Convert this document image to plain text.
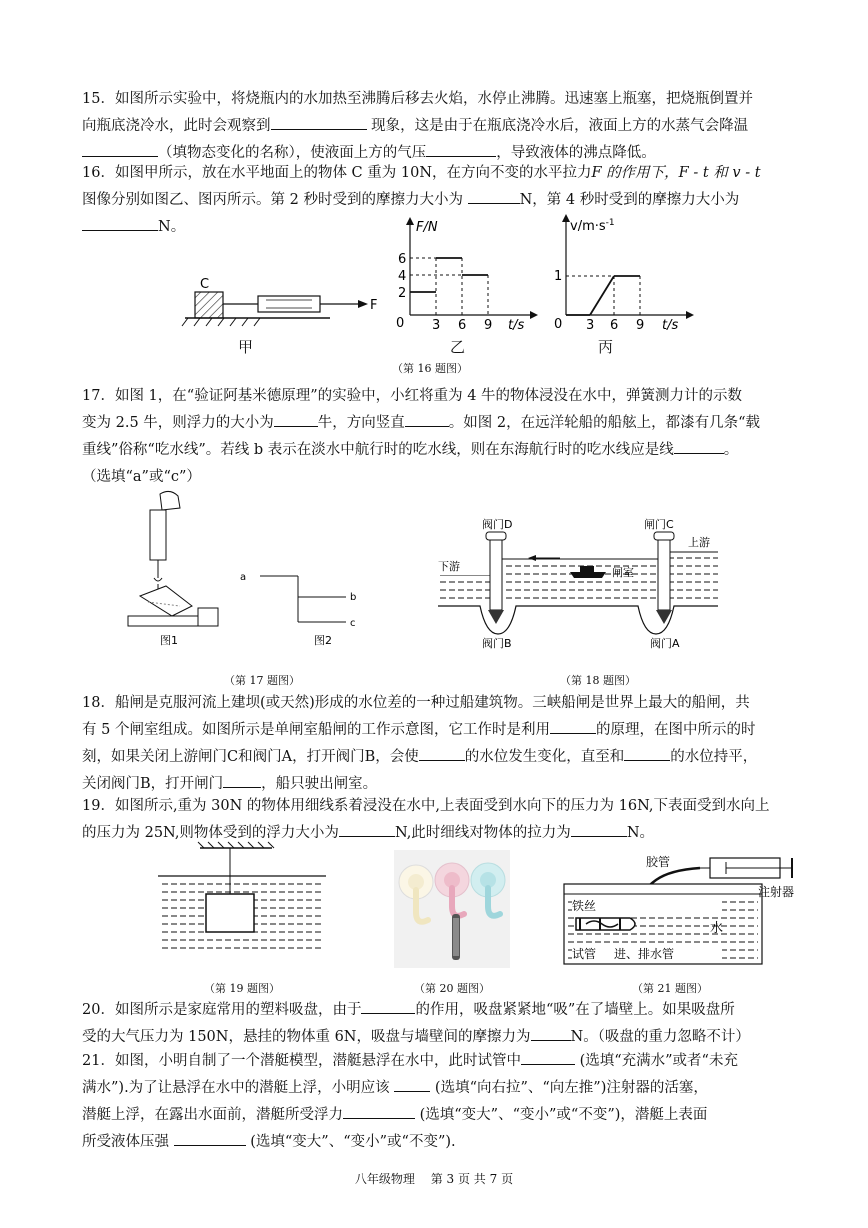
15．如图所示实验中，将烧瓶内的水加热至沸腾后移去火焰，水停止沸腾。迅速塞上瓶塞，把烧瓶倒置并
向瓶底浇冷水，此时会观察到	现象，这是由于在瓶底浇冷水后，液面上方的水蒸气会降温
（填物态变化的名称），使液面上方的气压	，导致液体的沸点降低。
16．如图甲所示，放在水平地面上的物体 C 重为 10N，在方向不变的水平拉力F 的作用下，F - t 和 v - t
图像分别如图乙、图丙所示。第 2 秒时受到的摩擦力大小为	N，第 4 秒时受到的摩擦力大小为
N。
C
F
F/N
t/s
0
2
4
6
3 6 9
$v/m\cdot s^{-1}$
t/s
0
1
3 6 9
甲	乙	丙
（第 16 题图）
17．如图 1，在“验证阿基米德原理”的实验中，小红将重为 4 牛的物体浸没在水中，弹簧测力计的示数
变为 2.5 牛，则浮力的大小为	牛，方向竖直	。如图 2，在远洋轮船的船舷上，都漆有几条“载
重线”俗称“吃水线”。若线 b 表示在淡水中航行时的吃水线，则在东海航行时的吃水线应是线	。
（选填“a”或“c”）
图1
a
b
c
图2
（第 17 题图）
阀门D	闸门C
下游
上游
闸室
阀门B	阀门A
（第 18 题图）
18．船闸是克服河流上建坝(或天然)形成的水位差的一种过船建筑物。三峡船闸是世界上最大的船闸，共
有 5 个闸室组成。如图所示是单闸室船闸的工作示意图，它工作时是利用	的原理，在图中所示的时
刻，如果关闭上游闸门C和阀门A，打开阀门B，会使	的水位发生变化，直至和	的水位持平，
关闭阀门B，打开闸门	，船只驶出闸室。
19．如图所示,重为 30N 的物体用细线系着浸没在水中,上表面受到水向下的压力为 16N,下表面受到水向上
的压力为 25N,则物体受到的浮力大小为	N,此时细线对物体的拉力为	N。
（第 19 题图）	（第 20 题图）
胶管
注射器
铁丝
水
试管 进、排水管
（第 21 题图）
20．如图所示是家庭常用的塑料吸盘，由于	的作用，吸盘紧紧地“吸”在了墙壁上。如果吸盘所
受的大气压力为 150N，悬挂的物体重 6N，吸盘与墙壁间的摩擦力为	N。（吸盘的重力忽略不计）
21．如图，小明自制了一个潜艇模型，潜艇悬浮在水中，此时试管中	(选填“充满水”或者“未充
满水”).为了让悬浮在水中的潜艇上浮，小明应该	(选填“向右拉”、“向左推”)注射器的活塞，
潜艇上浮，在露出水面前，潜艇所受浮力	(选填“变大”、“变小”或“不变”)，潜艇上表面
所受液体压强	(选填“变大”、“变小”或“不变”).
八年级物理　 第 3 页 共 7 页
